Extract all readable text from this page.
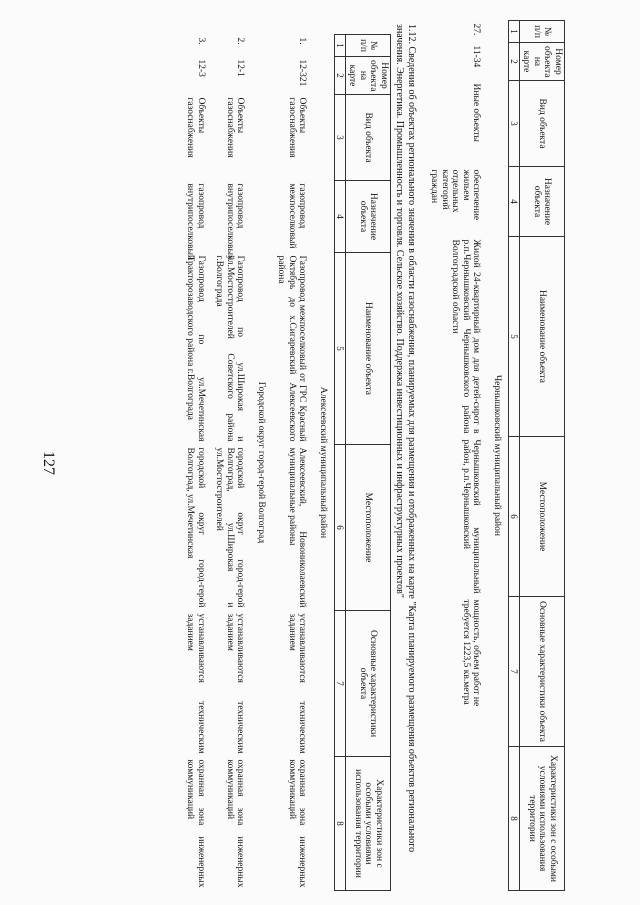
127
№ п/п	Номер объекта на карте	Вид объекта	Назначение объекта	Наименование объекта	Местоположение	Основные характеристики объекта	Характеристики зон с особыми условиями использования территории
1	2	3	4	5	6	7	8
Чернышковский муниципальный район							
27.	11-34	Иные объекты	обеспечение жильем отдельных категорий граждан	Жилой 24-квартирный дом для детей-сирот в р.п.Чернышковский Чернышковского района Волгоградской области	Чернышковский муниципальный район, р.п.Чернышковский	мощность, объем работ не требуется 1223,5 кв.метра	
1.12. Сведения об объектах регионального значения в области газоснабжения, планируемых для размещения и отображенных на карте "Карта планируемого размещения объектов регионального значения. Энергетика. Промышленность и торговля. Сельское хозяйство. Поддержка инвестиционных и инфраструктурных проектов"
№ п/п	Номер объекта на карте	Вид объекта	Назначение объекта	Наименование объекта	Местоположение	Основные характеристики объекта	Характеристики зон с особыми условиями использования территории
1	2	3	4	5	6	7	8
Алексеевский муниципальный район							
1.	12-321	Объекты газоснабжения	газопровод межпоселковый	Газопровод межпоселковый от ГРС Красный Октябрь до х.Сигаревский Алексеевского района	Алексеевский, Новониколаевский муниципальные районы	устанавливаются техническим заданием	охранная зона инженерных коммуникаций
Городской округ город-герой Волгоград							
2.	12-1	Объекты газоснабжения	газопровод внутрипоселковый	Газопровод по ул.Широкая и ул.Мостостроителей Советского района г.Волгограда	городской округ город-герой Волгоград, ул.Широкая и ул.Мостостроителей	устанавливаются техническим заданием	охранная зона инженерных коммуникаций
3.	12-3	Объекты газоснабжения	газопровод внутрипоселковый	Газопровод по ул.Мечетинская Тракторозаводского района г.Волгограда	городской округ город-герой Волгоград, ул.Мечетинская	устанавливаются техническим заданием	охранная зона инженерных коммуникаций
